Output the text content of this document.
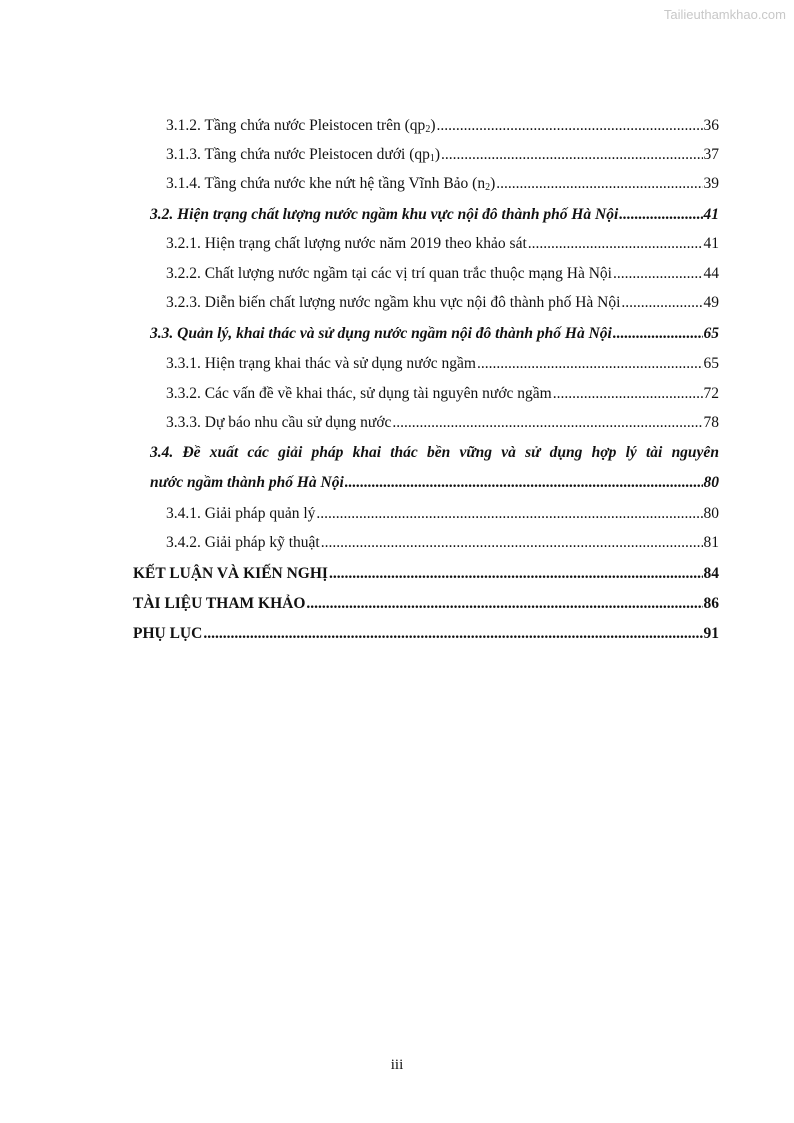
Tailieuthamkhao.com
3.1.2. Tầng chứa nước Pleistocen trên $(qp_2)$ .....	36
3.1.3. Tầng chứa nước Pleistocen dưới $(qp_1)$ .....	37
3.1.4. Tầng chứa nước khe nứt hệ tầng Vĩnh Bảo $(n_2)$ .....	39
3.2. Hiện trạng chất lượng nước ngầm khu vực nội đô thành phố Hà Nội .....	41
3.2.1. Hiện trạng chất lượng nước năm 2019 theo khảo sát .....	41
3.2.2. Chất lượng nước ngầm tại các vị trí quan trắc thuộc mạng Hà Nội .....	44
3.2.3. Diễn biến chất lượng nước ngầm khu vực nội đô thành phố Hà Nội .....	49
3.3. Quản lý, khai thác và sử dụng nước ngầm nội đô thành phố Hà Nội .....	65
3.3.1. Hiện trạng khai thác và sử dụng nước ngầm .....	65
3.3.2. Các vấn đề về khai thác, sử dụng tài nguyên nước ngầm .....	72
3.3.3. Dự báo nhu cầu sử dụng nước .....	78
3.4. Đề xuất các giải pháp khai thác bền vững và sử dụng hợp lý tài nguyên
nước ngầm thành phố Hà Nội .....	80
3.4.1. Giải pháp quản lý .....	80
3.4.2. Giải pháp kỹ thuật .....	81
KẾT LUẬN VÀ KIẾN NGHỊ .....	84
TÀI LIỆU THAM KHẢO .....	86
PHỤ LỤC .....	91
iii
